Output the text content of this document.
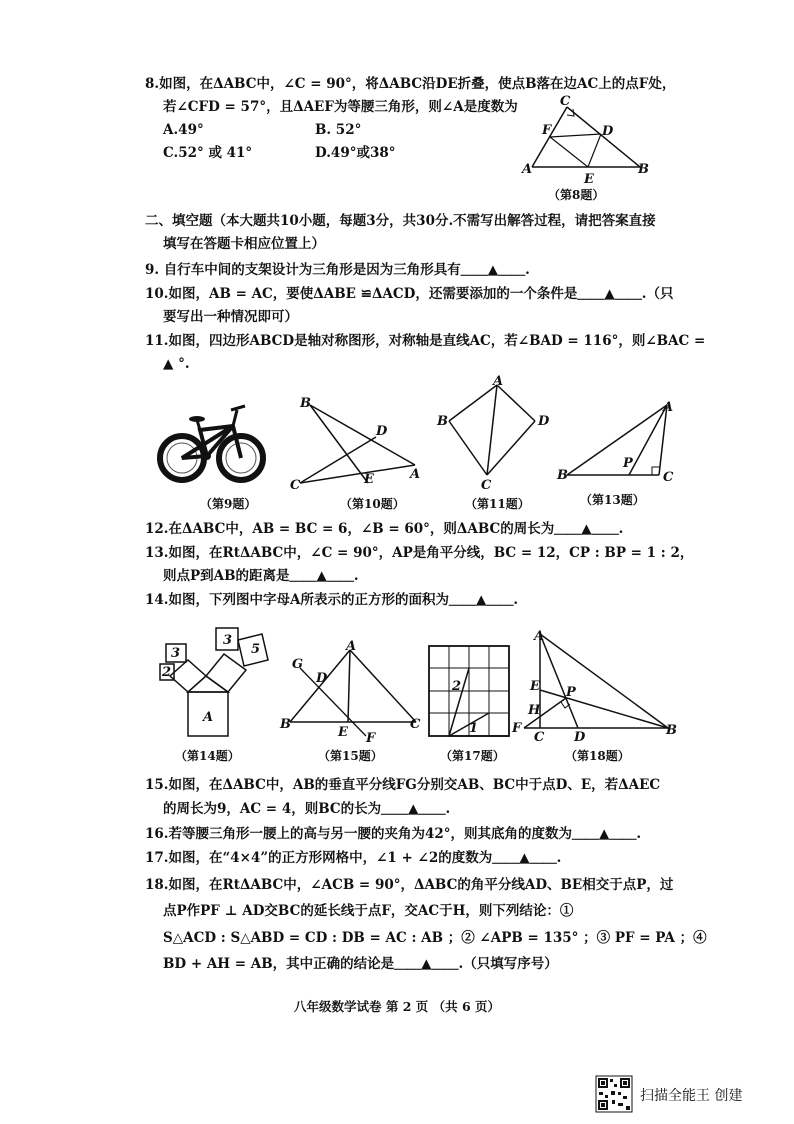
8.如图，在ΔABC中，∠C = 90°，将ΔABC沿DE折叠，使点B落在边AC上的点F处，
若∠CFD = 57°，且ΔAEF为等腰三角形，则∠A是度数为
A.49°	B. 52°
C.52° 或 41°	D.49°或38°
C
F	D
A
E
B
（第8题）
二、填空题（本大题共10小题，每题3分，共30分.不需写出解答过程，请把答案直接
填写在答题卡相应位置上）
9. 自行车中间的支架设计为三角形是因为三角形具有＿＿▲＿＿.
10.如图，AB = AC，要使ΔABE ≌ΔACD，还需要添加的一个条件是＿＿▲＿＿.（只
要写出一种情况即可）
11.如图，四边形ABCD是轴对称图形，对称轴是直线AC，若∠BAD = 116°，则∠BAC =
▲ °.
B
D
C	E	A
A
B	D
C
A
B
P
C
（第9题）	（第10题）	（第11题）	（第13题）
12.在ΔABC中，AB = BC = 6，∠B = 60°，则ΔABC的周长为＿＿▲＿＿.
13.如图，在RtΔABC中，∠C = 90°，AP是角平分线，BC = 12，CP : BP = 1 : 2，
则点P到AB的距离是＿＿▲＿＿.
14.如图，下列图中字母A所表示的正方形的面积为＿＿▲＿＿.
3
2
3
5
A
A
G
D
B
E F
C
2
1
A
E P
H
F
C D	B
（第14题）	（第15题）	（第17题）	（第18题）
15.如图，在ΔABC中，AB的垂直平分线FG分别交AB、BC中于点D、E，若ΔAEC
的周长为9，AC = 4，则BC的长为＿＿▲＿＿.
16.若等腰三角形一腰上的高与另一腰的夹角为42°，则其底角的度数为＿＿▲＿＿.
17.如图，在“4×4”的正方形网格中，∠1 + ∠2的度数为＿＿▲＿＿.
18.如图，在RtΔABC中，∠ACB = 90°，ΔABC的角平分线AD、BE相交于点P，过
点P作PF ⊥ AD交BC的延长线于点F，交AC于H，则下列结论：①
S△ACD : S△ABD = CD : DB = AC : AB ；② ∠APB = 135° ；③ PF = PA ；④
BD + AH = AB，其中正确的结论是＿＿▲＿＿.（只填写序号）
八年级数学试卷 第 2 页 （共 6 页）
扫描全能王 创建
